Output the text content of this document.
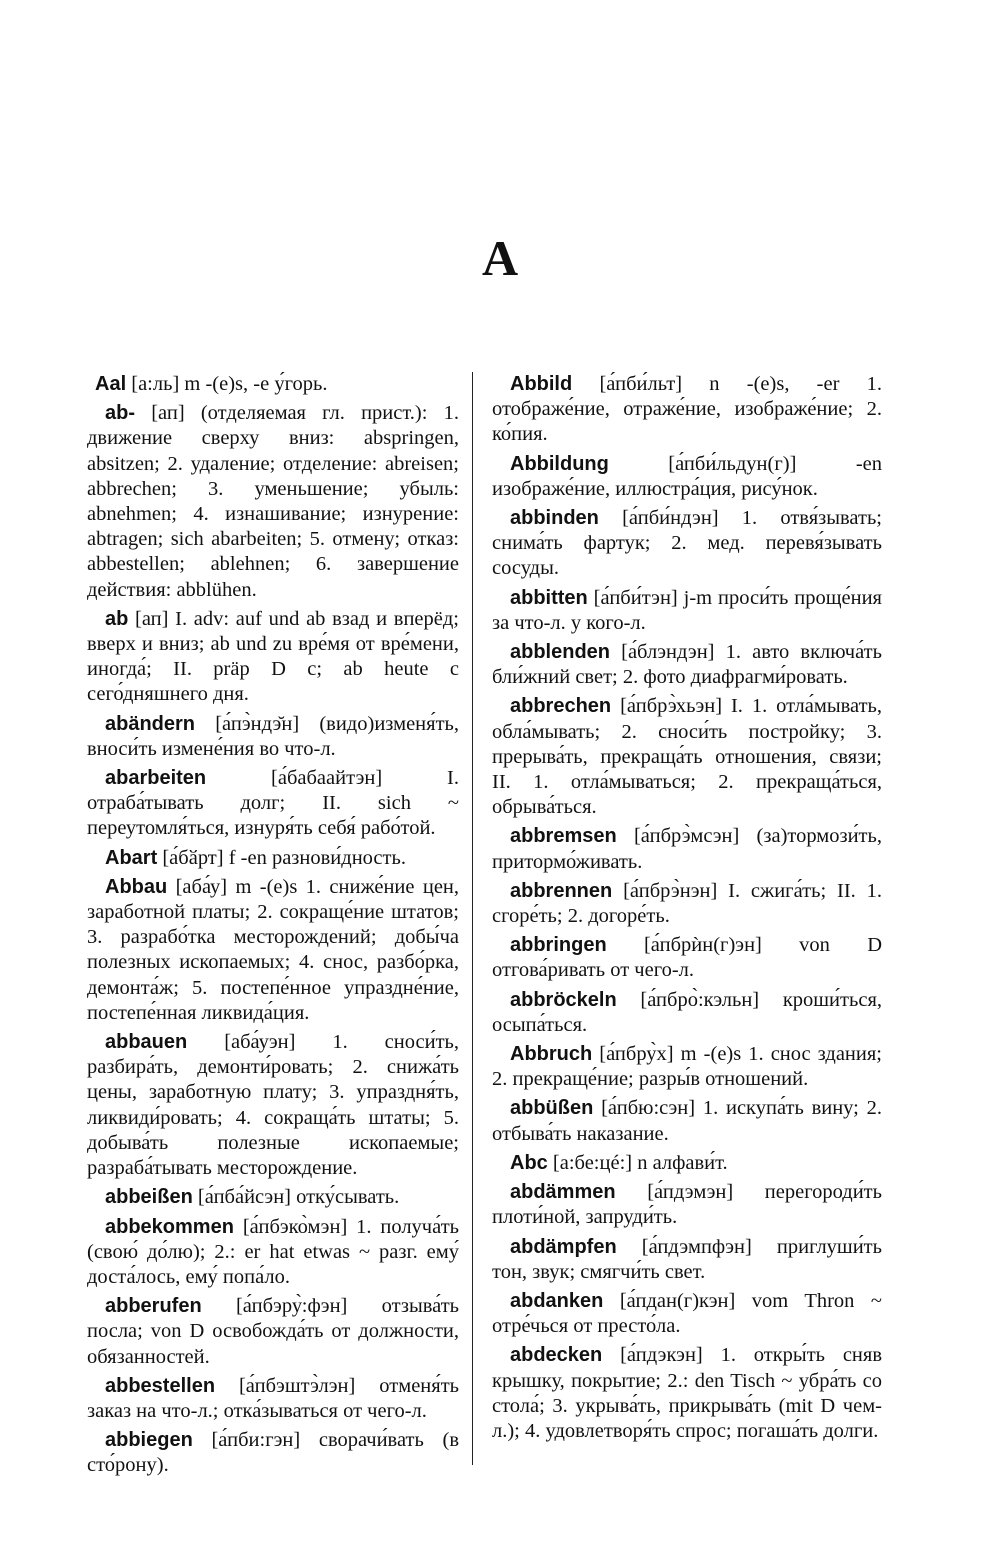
A

Aal [а:ль] m -(e)s, -e у́горь.

ab- [ап] (отделяемая гл. прист.): 1. движение сверху вниз: abspringen, absitzen; 2. удаление; отделение: abreisen; abbrechen; 3. уменьшение; убыль: abnehmen; 4. изнашивание; изнурение: abtragen; sich abarbeiten; 5. отмену; отказ: abbestellen; ablehnen; 6. завершение действия: abblühen.

ab [ап] I. adv: auf und ab взад и вперёд; вверх и вниз; ab und zu вре́мя от вре́мени, иногда́; II. präp D c; ab heute с сего́дняшнего дня.

abändern [а́пэ̀ндэ̆н] (видо)изменя́ть, вноси́ть измене́ния во что-л.

abarbeiten	[а́бабаайтэн] I. отраба́тывать долг; II. sich ~ переутомля́ться, изнуря́ть себя́ рабо́той.

Abart [а́бӑрт] f -en разнови́дность.

Abbau [аба́у] m -(e)s 1. сниже́ние цен, заработной платы; 2. сокраще́ние штатов; 3. разрабо́тка месторождений; добы́ча полезных ископаемых; 4. снос, разбо́рка, демонта́ж; 5. постепе́нное упраздне́ние, постепе́нная ликвида́ция.

abbauen [аба́уэн] 1. сноси́ть, разбира́ть, демонти́ровать; 2. снижа́ть цены, заработную плату; 3. упраздня́ть, ликвиди́ровать; 4. сокраща́ть штаты; 5. добыва́ть полезные ископаемые; разраба́тывать месторождение.

abbeißen [а́пба́йсэн] отку́сывать.

abbekommen [а́пбэко̀мэн] 1. получа́ть (свою́ до́лю); 2.: er hat etwas ~ разг. ему́ доста́лось, ему́ попа́ло.

abberufen [а́пбэру̀:фэн] отзыва́ть посла; von D освобожда́ть от должности, обязанностей.

abbestellen [а́пбэштэ̀лэн] отменя́ть заказ на что-л.; отка́зываться от чего-л.

abbiegen [а́пби:гэн] сворачи́вать (в сто́рону).

Abbild [а́пби́льт] n -(e)s, -er 1. отображе́ние, отраже́ние, изображе́ние; 2. ко́пия.

Abbildung	[а́пби́льдун(г)] -en изображе́ние, иллюстра́ция, рису́нок.

abbinden [а́пби́ндэн] 1. отвя́зывать; снима́ть фартук; 2. мед. перевя́зывать сосуды.

abbitten [а́пби́тэн] j-m проси́ть проще́ния за что-л. у кого-л.

abblenden [а́блэндэн] 1. авто включа́ть бли́жний свет; 2. фото диафрагми́ровать.

abbrechen [а́пбрэ̀хьэн] I. 1. отла́мывать, обла́мывать; 2. сноси́ть постройку; 3. прерыва́ть, прекраща́ть отношения, связи; II. 1. отла́мываться; 2. прекраща́ться, обрыва́ться.

abbremsen [а́пбрэ̀мсэн] (за)тормози́ть, притормо́живать.

abbrennen [а́пбрэ̀нэн] I. сжига́ть; II. 1. сгоре́ть; 2. догоре́ть.

abbringen [а́пбрѝн(г)эн] von D отгова́ривать от чего-л.

abbröckeln [а́пбро̀:кэльн] кроши́ться, осыпа́ться.

Abbruch [а́пбру̀х] m -(e)s 1. снос здания; 2. прекраще́ние; разры́в отношений.

abbüßen [а́пбю:сэн] 1. искупа́ть вину; 2. отбыва́ть наказание.

Abc [а:бе:цé:] n алфави́т.

abdämmen [а́пдэмэн] перегороди́ть плоти́ной, запруди́ть.

abdämpfen [а́пдэмпфэн] приглуши́ть тон, звук; смягчи́ть свет.

abdanken [а́пдан(г)кэн] vom Thron ~ отре́чься от престо́ла.

abdecken [а́пдэкэн] 1. откры́ть сняв крышку, покрытие; 2.: den Tisch ~ убра́ть со стола́; 3. укрыва́ть, прикрыва́ть (mit D чем-л.); 4. удовлетворя́ть спрос; погаша́ть долги.
